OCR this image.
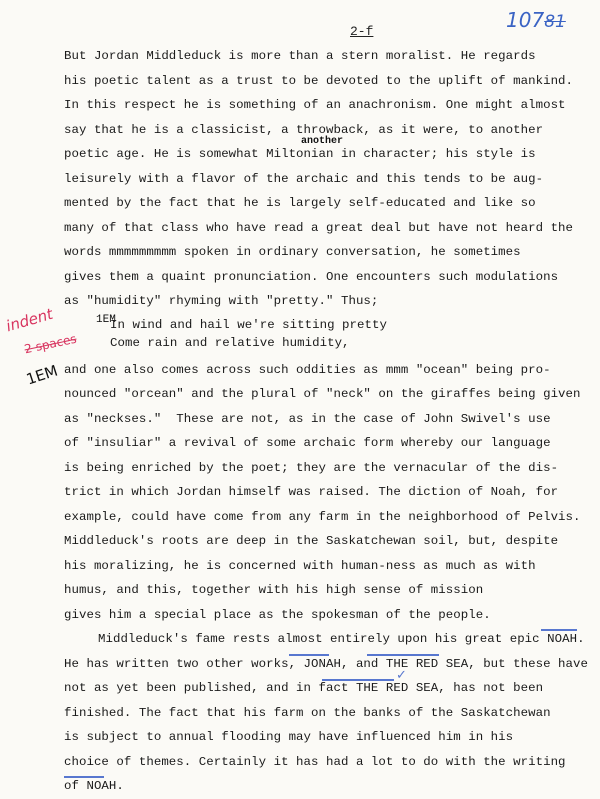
2-f	10781
another
indent
2 spaces
1EM
1EM
But Jordan Middleduck is more than a stern moralist. He regards
his poetic talent as a trust to be devoted to the uplift of mankind.
In this respect he is something of an anachronism. One might almost
say that he is a classicist, a throwback, as it were, to another
poetic age. He is somewhat Miltonian in character; his style is
leisurely with a flavor of the archaic and this tends to be aug-
mented by the fact that he is largely self-educated and like so
many of that class who have read a great deal but have not heard the
words mmmmmmmmm spoken in ordinary conversation, he sometimes
gives them a quaint pronunciation. One encounters such modulations
as "humidity" rhyming with "pretty." Thus;
In wind and hail we're sitting pretty
Come rain and relative humidity,
and one also comes across such oddities as mmm "ocean" being pro-
nounced "orcean" and the plural of "neck" on the giraffes being given
as "neckses."  These are not, as in the case of John Swivel's use
of "insuliar" a revival of some archaic form whereby our language
is being enriched by the poet; they are the vernacular of the dis-
trict in which Jordan himself was raised. The diction of Noah, for
example, could have come from any farm in the neighborhood of Pelvis.
Middleduck's roots are deep in the Saskatchewan soil, but, despite
his moralizing, he is concerned with human-ness as much as with
humus, and this, together with his high sense of mission
gives him a special place as the spokesman of the people.
Middleduck's fame rests almost entirely upon his great epic NOAH.
He has written two other works, JONAH, and THE RED SEA, but these have
not as yet been published, and in fact THE RED SEA, has not been
finished. The fact that his farm on the banks of the Saskatchewan
is subject to annual flooding may have influenced him in his
choice of themes. Certainly it has had a lot to do with the writing
of NOAH.
✓
